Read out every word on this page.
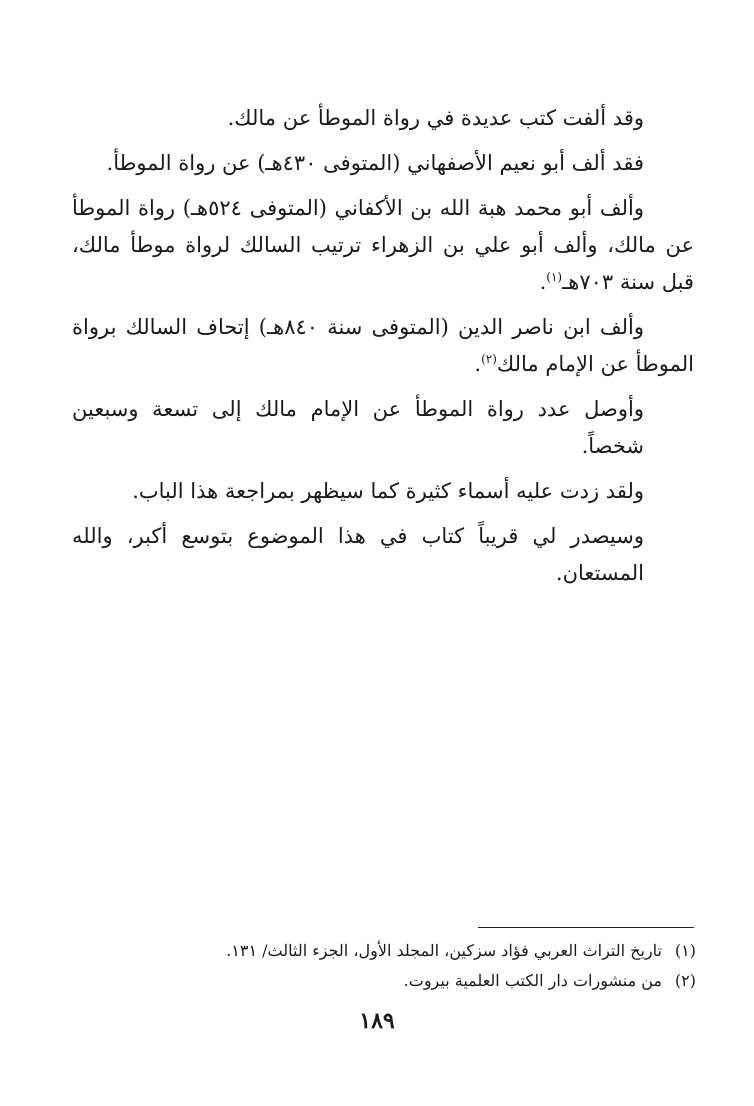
وقد ألفت كتب عديدة في رواة الموطأ عن مالك.

فقد ألف أبو نعيم الأصفهاني (المتوفى ٤٣٠هـ) عن رواة الموطأ.

وألف أبو محمد هبة الله بن الأكفاني (المتوفى ٥٢٤هـ) رواة الموطأ عن مالك، وألف أبو علي بن الزهراء ترتيب السالك لرواة موطأ مالك، قبل سنة ٧٠٣هـ$^{(١)}$.

وألف ابن ناصر الدين (المتوفى سنة ٨٤٠هـ) إتحاف السالك برواة الموطأ عن الإمام مالك$^{(٢)}$.

وأوصل عدد رواة الموطأ عن الإمام مالك إلى تسعة وسبعين شخصاً.

ولقد زدت عليه أسماء كثيرة كما سيظهر بمراجعة هذا الباب.

وسيصدر لي قريباً كتاب في هذا الموضوع بتوسع أكبر، والله المستعان.

(١)تاريخ التراث العربي فؤاد سزكين، المجلد الأول، الجزء الثالث/ ١٣١.
(٢)من منشورات دار الكتب العلمية بيروت.
١٨٩
